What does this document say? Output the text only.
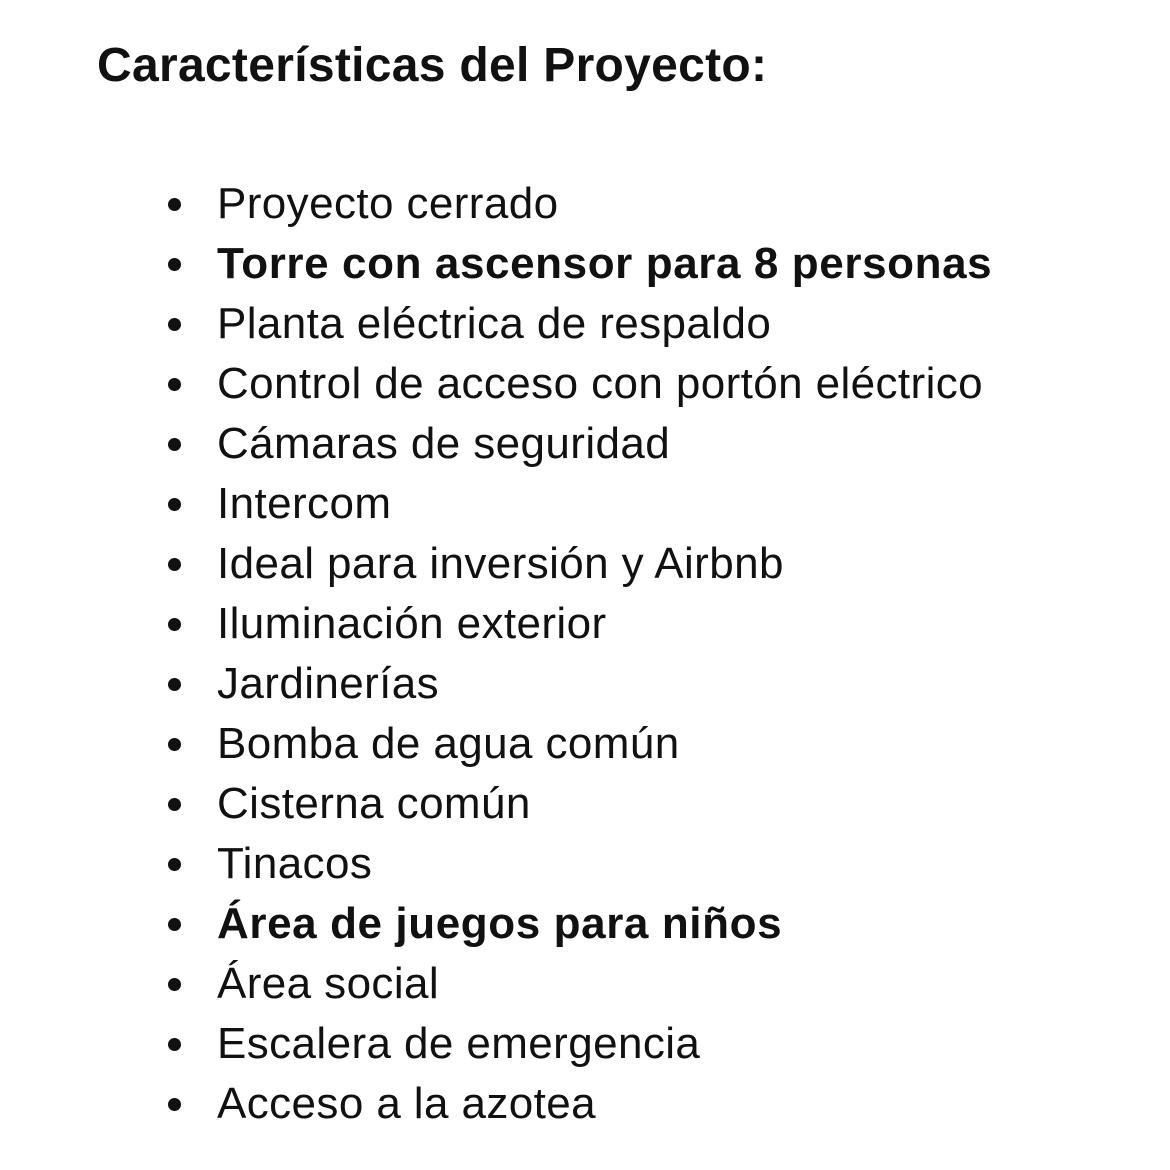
Características del Proyecto:
Proyecto cerrado
Torre con ascensor para 8 personas
Planta eléctrica de respaldo
Control de acceso con portón eléctrico
Cámaras de seguridad
Intercom
Ideal para inversión y Airbnb
Iluminación exterior
Jardinerías
Bomba de agua común
Cisterna común
Tinacos
Área de juegos para niños
Área social
Escalera de emergencia
Acceso a la azotea
